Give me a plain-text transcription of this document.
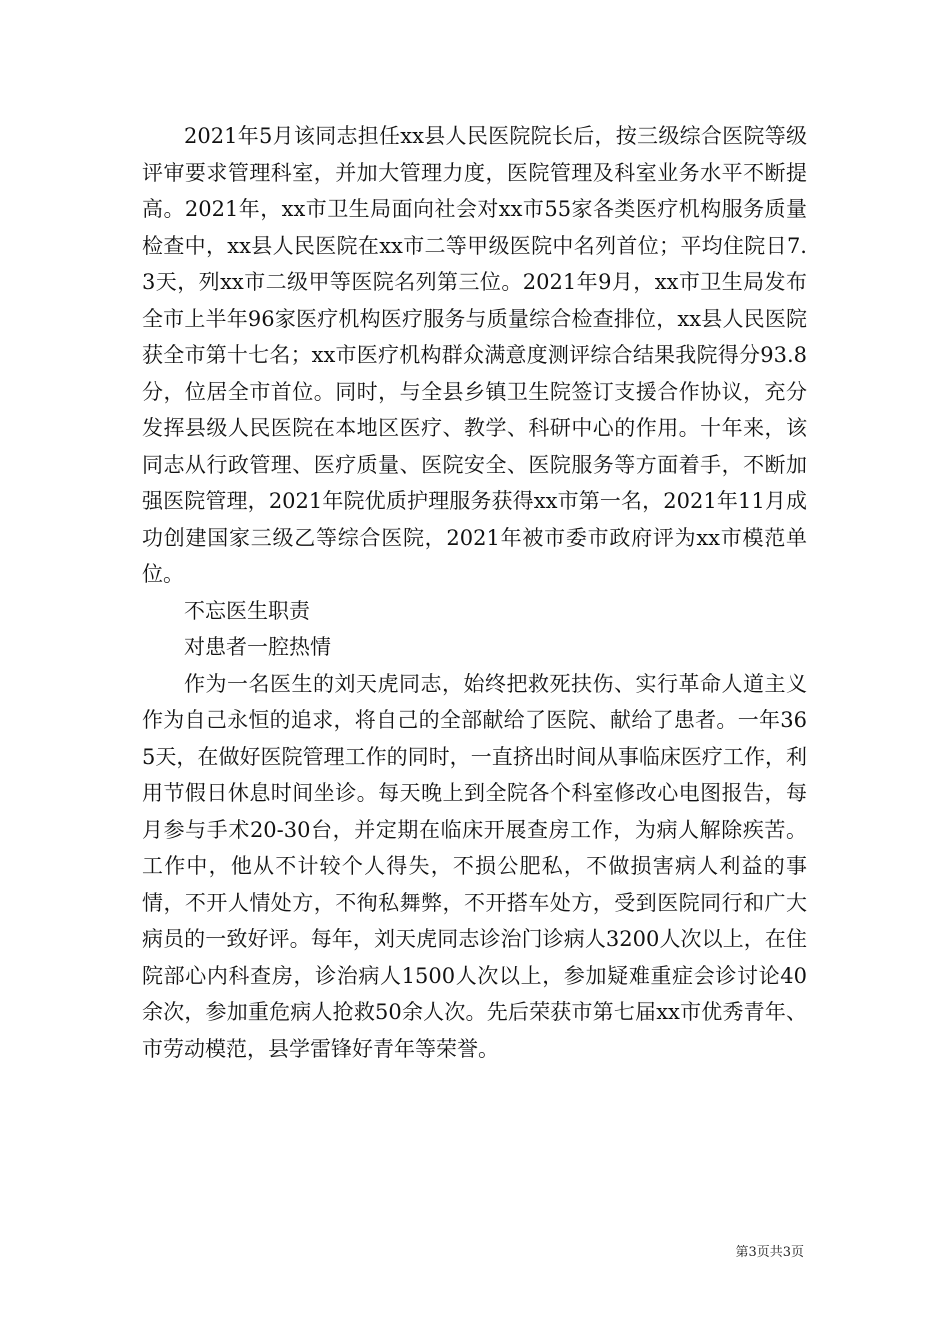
2021年5月该同志担任xx县人民医院院长后，按三级综合医院等级评审要求管理科室，并加大管理力度，医院管理及科室业务水平不断提高。2021年，xx市卫生局面向社会对xx市55家各类医疗机构服务质量检查中，xx县人民医院在xx市二等甲级医院中名列首位；平均住院日7.3天，列xx市二级甲等医院名列第三位。2021年9月，xx市卫生局发布全市上半年96家医疗机构医疗服务与质量综合检查排位，xx县人民医院获全市第十七名；xx市医疗机构群众满意度测评综合结果我院得分93.8分，位居全市首位。同时，与全县乡镇卫生院签订支援合作协议，充分发挥县级人民医院在本地区医疗、教学、科研中心的作用。十年来，该同志从行政管理、医疗质量、医院安全、医院服务等方面着手，不断加强医院管理，2021年院优质护理服务获得xx市第一名，2021年11月成功创建国家三级乙等综合医院，2021年被市委市政府评为xx市模范单位。

不忘医生职责

对患者一腔热情

作为一名医生的刘天虎同志，始终把救死扶伤、实行革命人道主义作为自己永恒的追求，将自己的全部献给了医院、献给了患者。一年365天，在做好医院管理工作的同时，一直挤出时间从事临床医疗工作，利用节假日休息时间坐诊。每天晚上到全院各个科室修改心电图报告，每月参与手术20-30台，并定期在临床开展查房工作，为病人解除疾苦。工作中，他从不计较个人得失，不损公肥私，不做损害病人利益的事情，不开人情处方，不徇私舞弊，不开搭车处方，受到医院同行和广大病员的一致好评。每年，刘天虎同志诊治门诊病人3200人次以上，在住院部心内科查房，诊治病人1500人次以上，参加疑难重症会诊讨论40余次，参加重危病人抢救50余人次。先后荣获市第七届xx市优秀青年、市劳动模范，县学雷锋好青年等荣誉。

第3页共3页
